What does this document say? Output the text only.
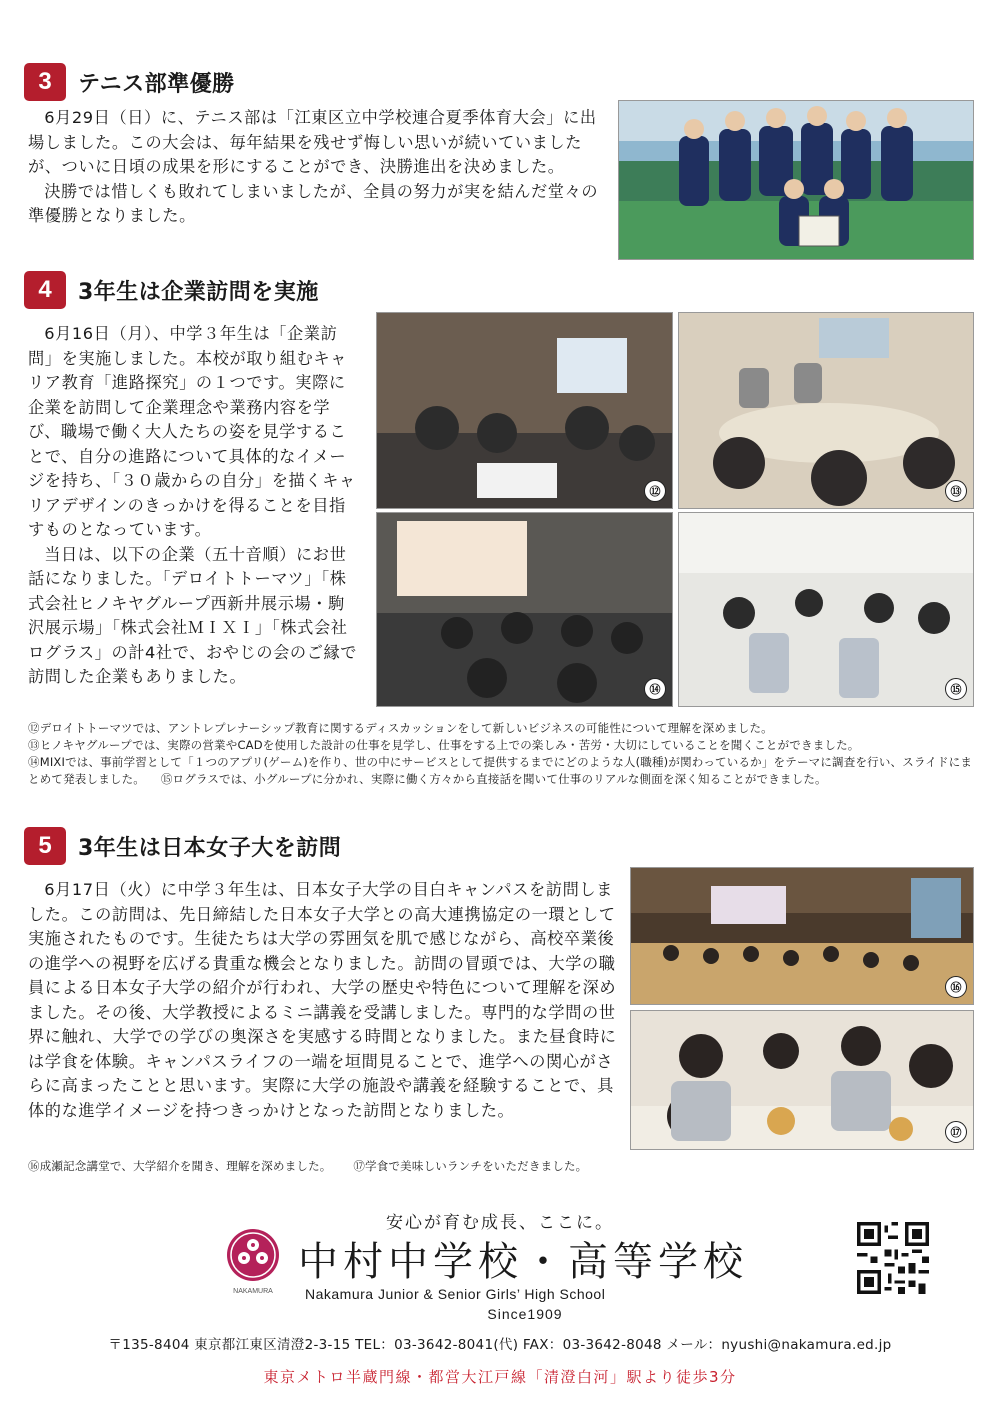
3	テニス部準優勝

6月29日（日）に、テニス部は「江東区立中学校連合夏季体育大会」に出場しました。この大会は、毎年結果を残せず悔しい思いが続いていましたが、ついに日頃の成果を形にすることができ、決勝進出を決めました。

決勝では惜しくも敗れてしまいましたが、全員の努力が実を結んだ堂々の準優勝となりました。

4	3年生は企業訪問を実施

6月16日（月）、中学３年生は「企業訪問」を実施しました。本校が取り組むキャリア教育「進路探究」の１つです。実際に企業を訪問して企業理念や業務内容を学び、職場で働く大人たちの姿を見学することで、自分の進路について具体的なイメージを持ち、「３０歳からの自分」を描くキャリアデザインのきっかけを得ることを目指すものとなっています。

当日は、以下の企業（五十音順）にお世話になりました。「デロイトトーマツ」「株式会社ヒノキヤグループ西新井展示場・駒沢展示場」「株式会社ＭＩＸＩ」「株式会社ログラス」の計4社で、おやじの会のご縁で訪問した企業もありました。

⑫	⑬
⑭	⑮
⑫デロイトトーマツでは、アントレプレナーシップ教育に関するディスカッションをして新しいビジネスの可能性について理解を深めました。
⑬ヒノキヤグループでは、実際の営業やCADを使用した設計の仕事を見学し、仕事をする上での楽しみ・苦労・大切にしていることを聞くことができました。
⑭MIXIでは、事前学習として「１つのアプリ(ゲーム)を作り、世の中にサービスとして提供するまでにどのような人(職種)が関わっているか」をテーマに調査を行い、スライドにまとめて発表しました。 ⑮ログラスでは、小グループに分かれ、実際に働く方々から直接話を聞いて仕事のリアルな側面を深く知ることができました。
5	3年生は日本女子大を訪問

6月17日（火）に中学３年生は、日本女子大学の目白キャンパスを訪問しました。この訪問は、先日締結した日本女子大学との高大連携協定の一環として実施されたものです。生徒たちは大学の雰囲気を肌で感じながら、高校卒業後の進学への視野を広げる貴重な機会となりました。訪問の冒頭では、大学の職員による日本女子大学の紹介が行われ、大学の歴史や特色について理解を深めました。その後、大学教授によるミニ講義を受講しました。専門的な学問の世界に触れ、大学での学びの奥深さを実感する時間となりました。また昼食時には学食を体験。キャンパスライフの一端を垣間見ることで、進学への関心がさらに高まったことと思います。実際に大学の施設や講義を経験することで、具体的な進学イメージを持つきっかけとなった訪問となりました。

⑯
⑰
⑯成瀬記念講堂で、大学紹介を聞き、理解を深めました。 ⑰学食で美味しいランチをいただきました。
安心が育む成長、ここに。
NAKAMURA
中村中学校・高等学校
Nakamura Junior & Senior Girls’ High School
Since1909
〒135-8404 東京都江東区清澄2-3-15 TEL：03-3642-8041(代) FAX：03-3642-8048 メール：nyushi@nakamura.ed.jp
東京メトロ半蔵門線・都営大江戸線「清澄白河」駅より徒歩3分
